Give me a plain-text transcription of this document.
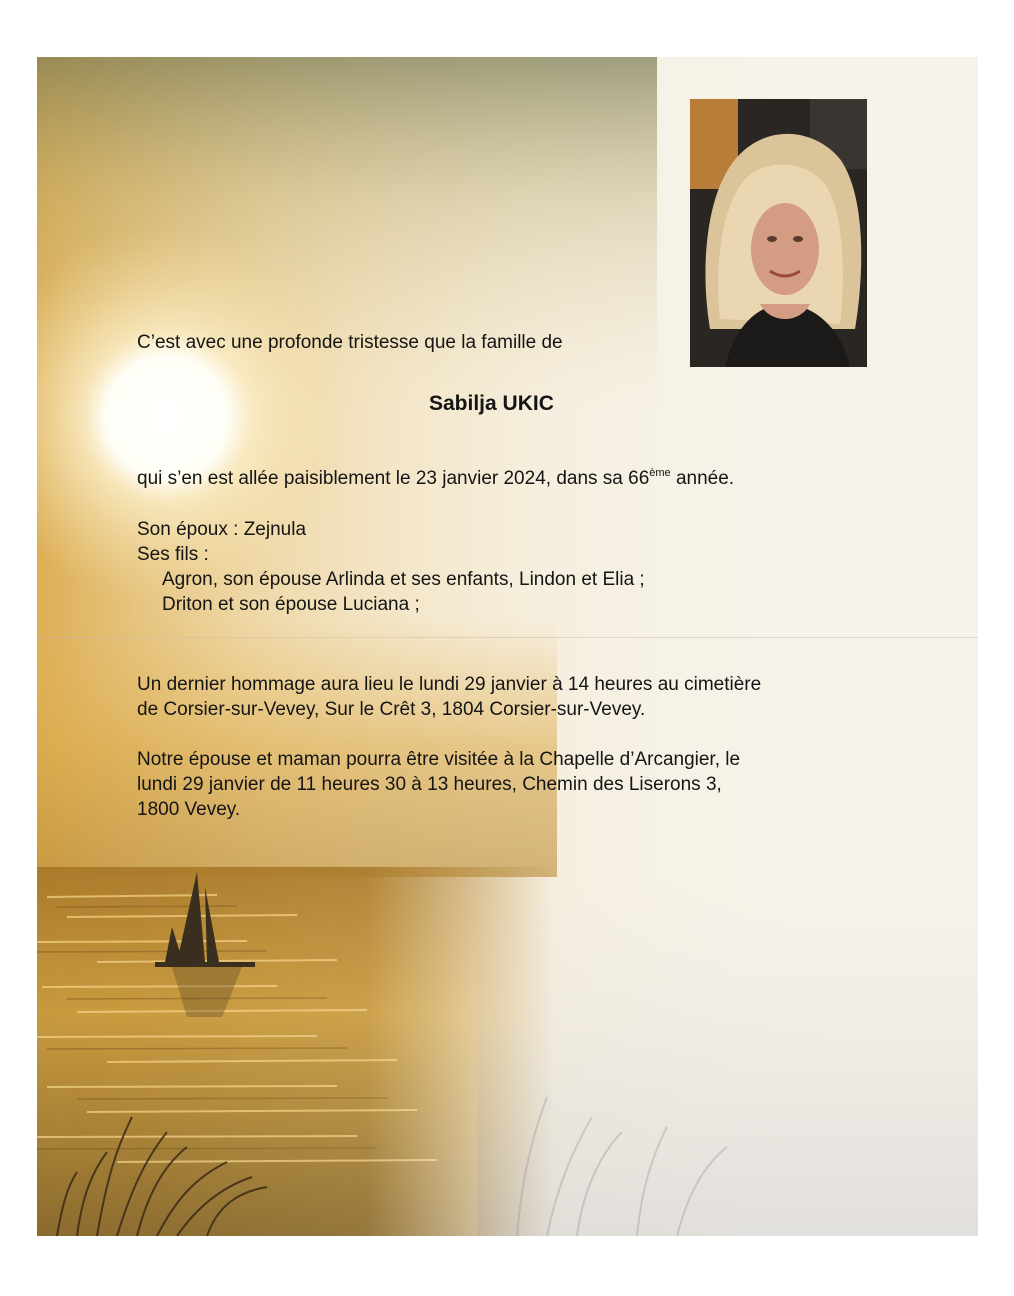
C’est avec une profonde tristesse que la famille de
Sabilja UKIC
qui s’en est allée paisiblement le 23 janvier 2024, dans sa 66ème année.
Son époux : Zejnula
Ses fils :
Agron, son épouse Arlinda et ses enfants, Lindon et Elia ;
Driton et son épouse Luciana ;
Un dernier hommage aura lieu le lundi 29 janvier à 14 heures au cimetière
de Corsier-sur-Vevey, Sur le Crêt 3, 1804 Corsier-sur-Vevey.
Notre épouse et maman pourra être visitée à la Chapelle d’Arcangier, le
lundi 29 janvier de 11 heures 30 à 13 heures, Chemin des Liserons 3,
1800 Vevey.
